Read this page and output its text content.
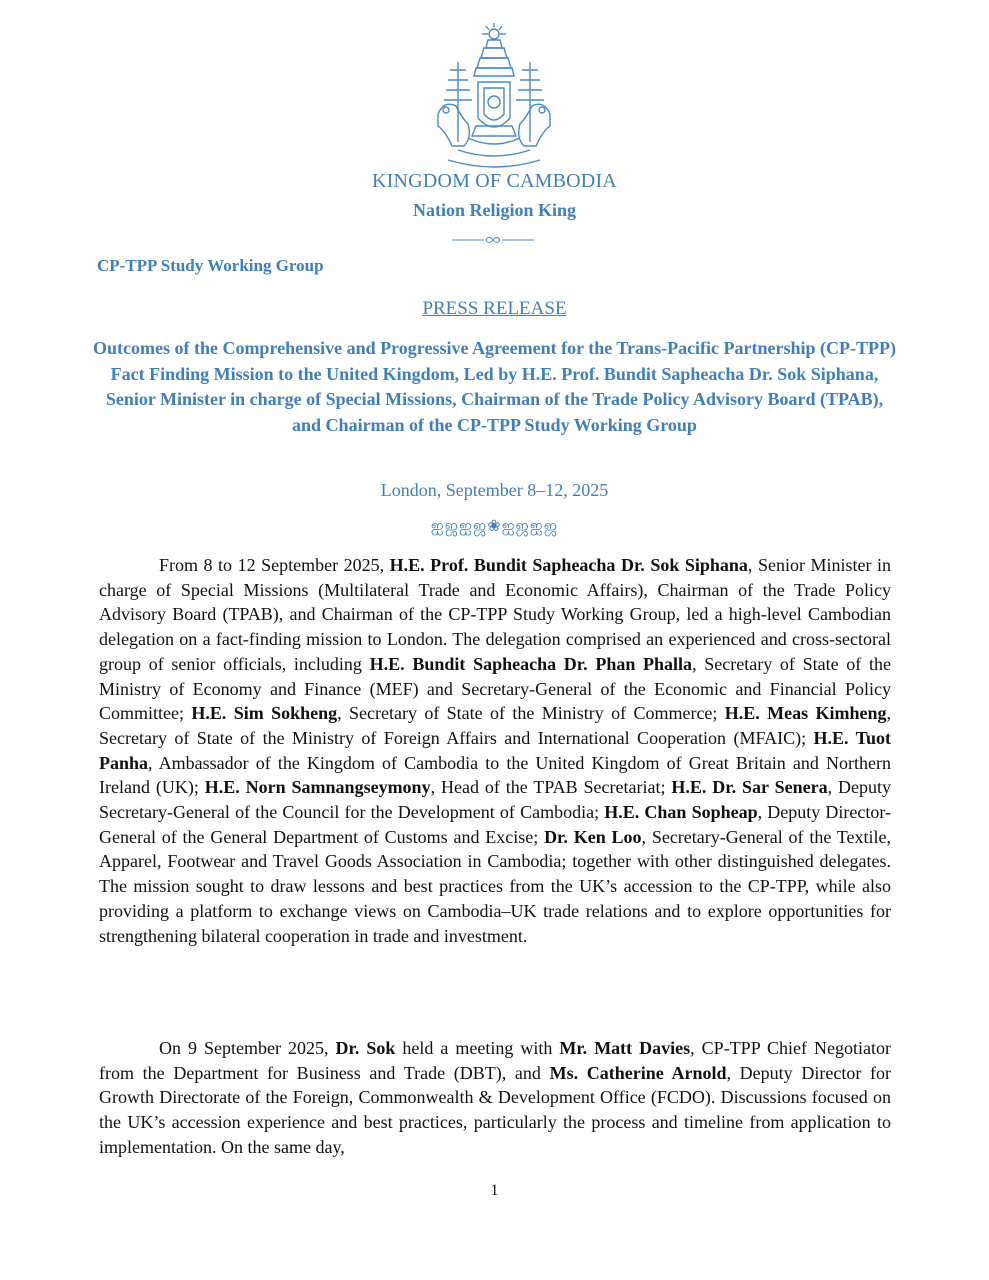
KINGDOM OF CAMBODIA
Nation Religion King
CP-TPP Study Working Group
PRESS RELEASE
Outcomes of the Comprehensive and Progressive Agreement for the Trans-Pacific Partnership (CP-TPP) Fact Finding Mission to the United Kingdom, Led by H.E. Prof. Bundit Sapheacha Dr. Sok Siphana, Senior Minister in charge of Special Missions, Chairman of the Trade Policy Advisory Board (TPAB), and Chairman of the CP-TPP Study Working Group
London, September 8–12, 2025
ஐஜஐஜ❀ஐஜஐஜ

From 8 to 12 September 2025, H.E. Prof. Bundit Sapheacha Dr. Sok Siphana, Senior Minister in charge of Special Missions (Multilateral Trade and Economic Affairs), Chairman of the Trade Policy Advisory Board (TPAB), and Chairman of the CP-TPP Study Working Group, led a high-level Cambodian delegation on a fact-finding mission to London. The delegation comprised an experienced and cross-sectoral group of senior officials, including H.E. Bundit Sapheacha Dr. Phan Phalla, Secretary of State of the Ministry of Economy and Finance (MEF) and Secretary-General of the Economic and Financial Policy Committee; H.E. Sim Sokheng, Secretary of State of the Ministry of Commerce; H.E. Meas Kimheng, Secretary of State of the Ministry of Foreign Affairs and International Cooperation (MFAIC); H.E. Tuot Panha, Ambassador of the Kingdom of Cambodia to the United Kingdom of Great Britain and Northern Ireland (UK); H.E. Norn Samnangseymony, Head of the TPAB Secretariat; H.E. Dr. Sar Senera, Deputy Secretary-General of the Council for the Development of Cambodia; H.E. Chan Sopheap, Deputy Director-General of the General Department of Customs and Excise; Dr. Ken Loo, Secretary-General of the Textile, Apparel, Footwear and Travel Goods Association in Cambodia; together with other distinguished delegates. The mission sought to draw lessons and best practices from the UK’s accession to the CP-TPP, while also providing a platform to exchange views on Cambodia–UK trade relations and to explore opportunities for strengthening bilateral cooperation in trade and investment.

On 9 September 2025, Dr. Sok held a meeting with Mr. Matt Davies, CP-TPP Chief Negotiator from the Department for Business and Trade (DBT), and Ms. Catherine Arnold, Deputy Director for Growth Directorate of the Foreign, Commonwealth & Development Office (FCDO). Discussions focused on the UK’s accession experience and best practices, particularly the process and timeline from application to implementation. On the same day,

1
